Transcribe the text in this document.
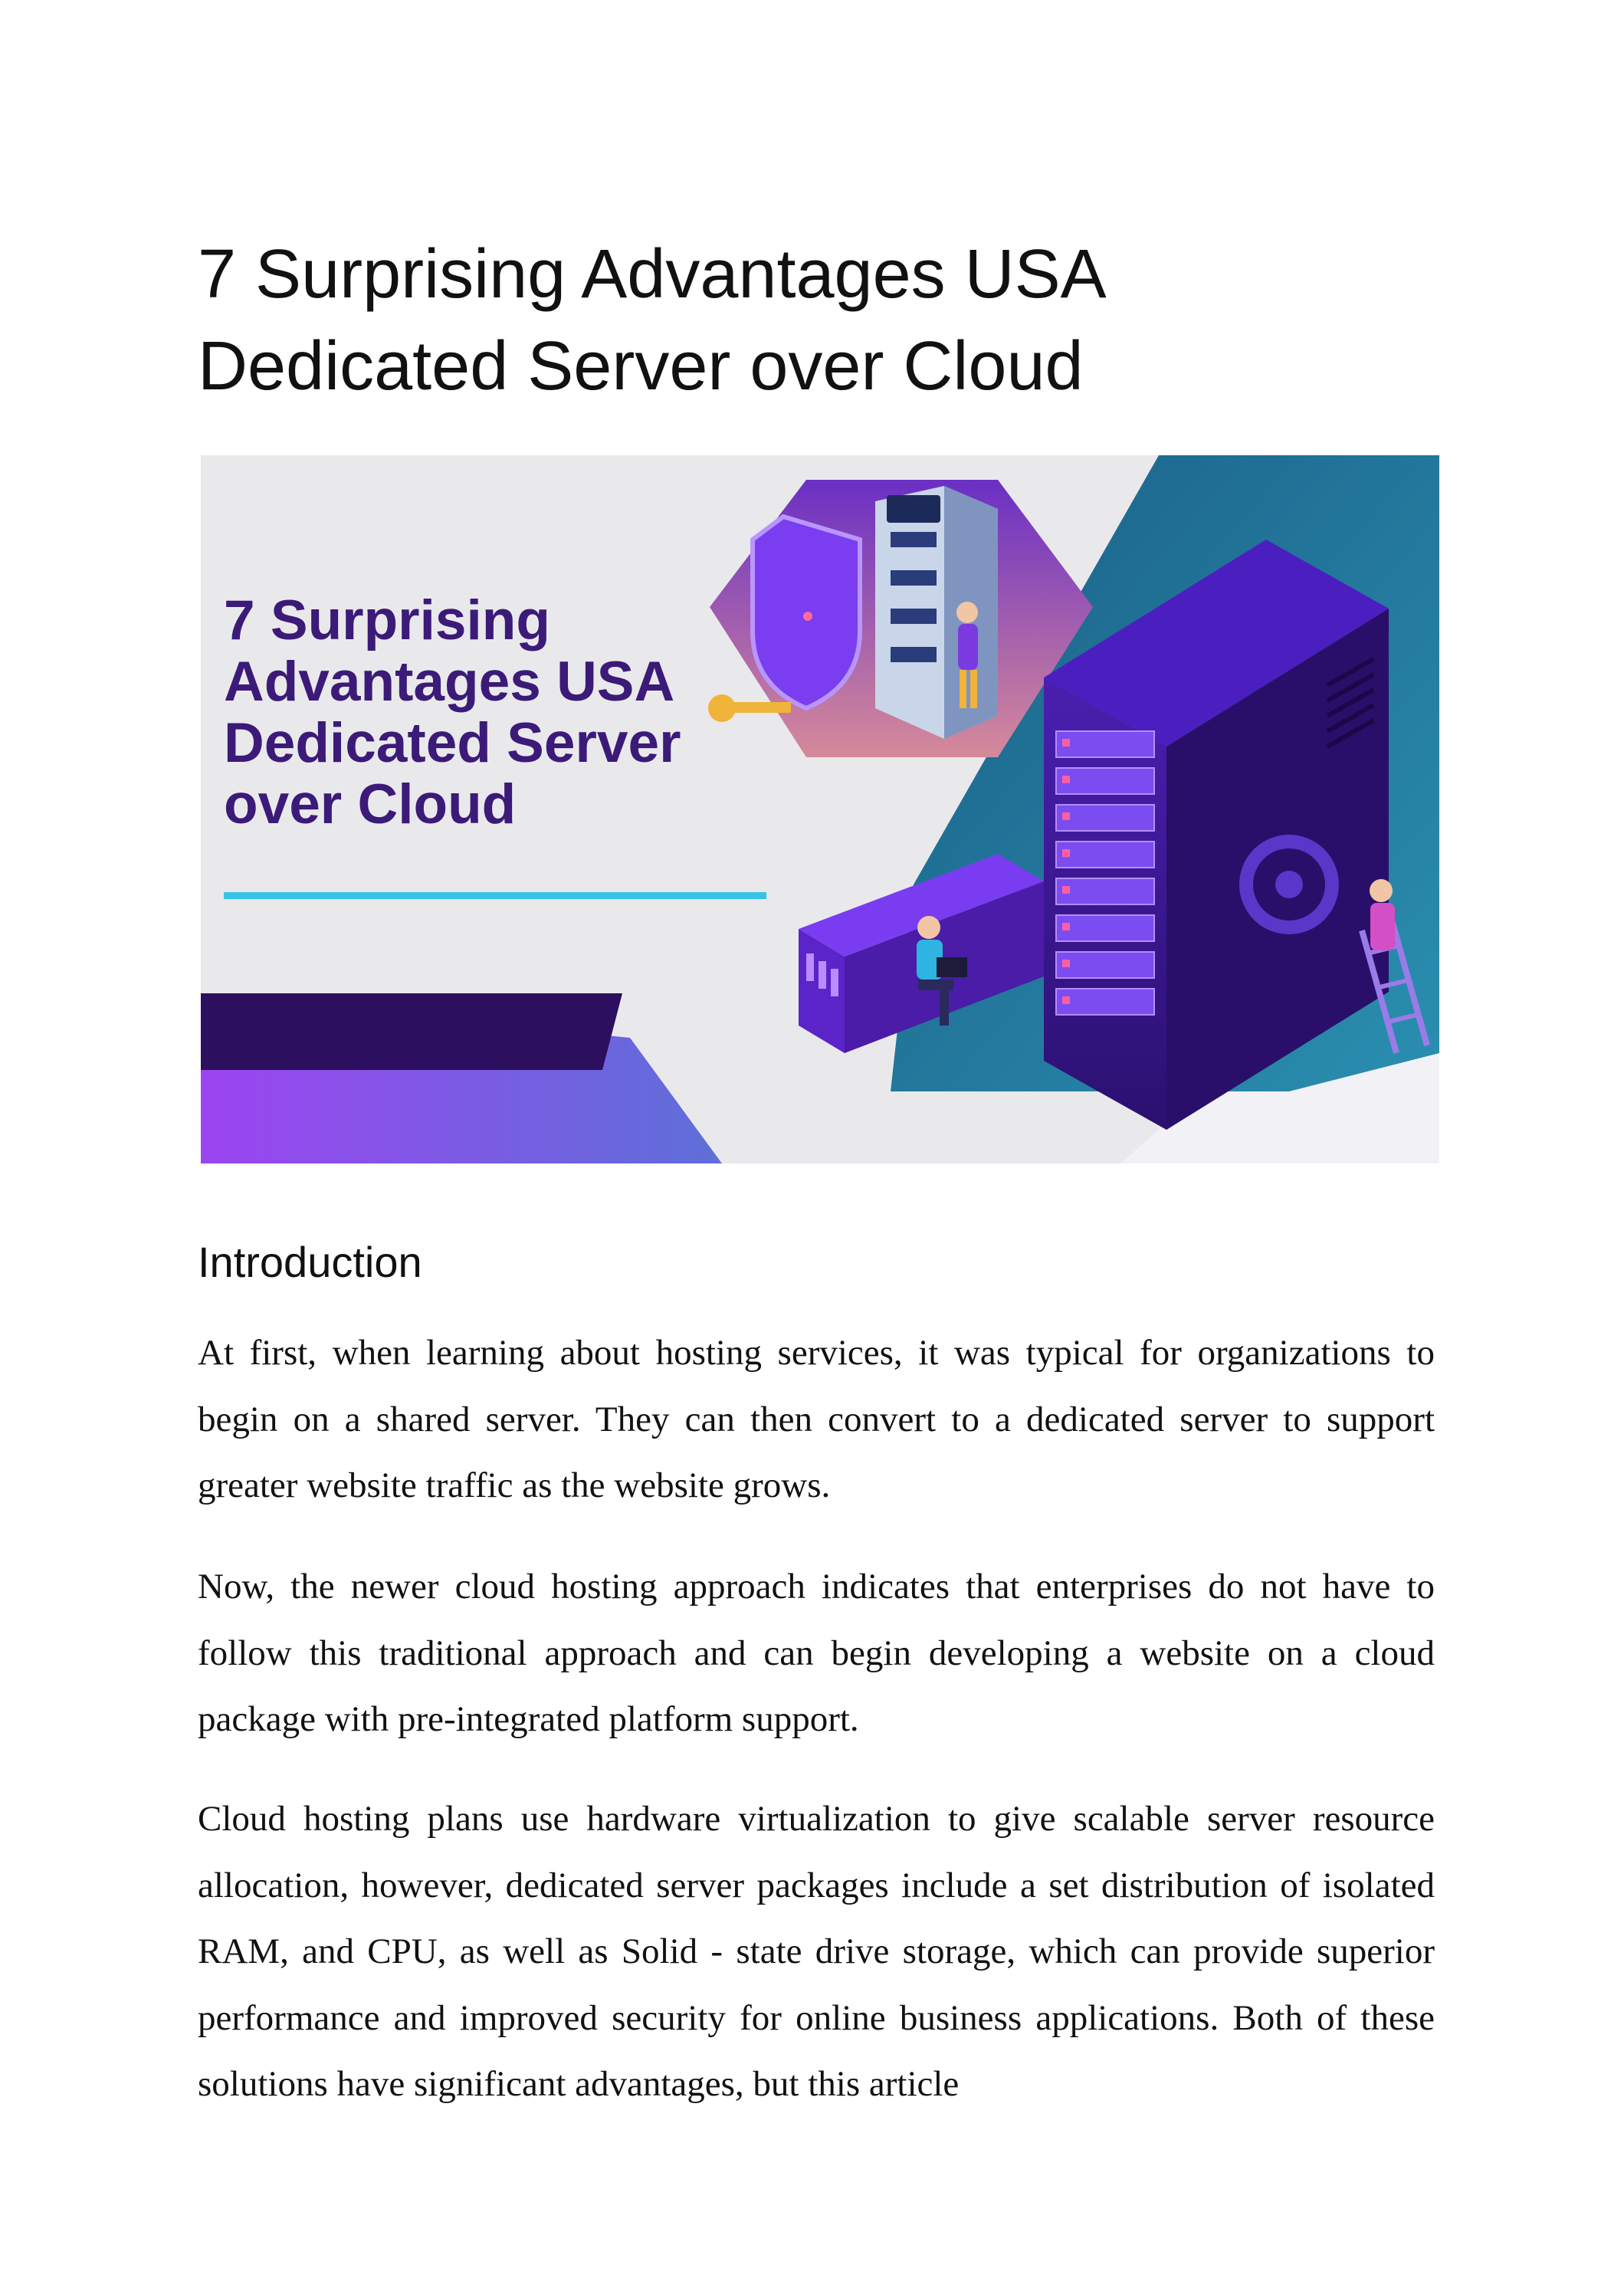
7 Surprising Advantages USA
Dedicated Server over Cloud
7 Surprising
Advantages USA
Dedicated Server
over Cloud
Introduction

At first, when learning about hosting services, it was typical for organizations to begin on a shared server. They can then convert to a dedicated server to support greater website traffic as the website grows.

Now, the newer cloud hosting approach indicates that enterprises do not have to follow this traditional approach and can begin developing a website on a cloud package with pre-integrated platform support.

Cloud hosting plans use hardware virtualization to give scalable server resource allocation, however, dedicated server packages include a set distribution of isolated RAM, and CPU, as well as Solid - state drive storage, which can provide superior performance and improved security for online business applications. Both of these solutions have significant advantages, but this article
